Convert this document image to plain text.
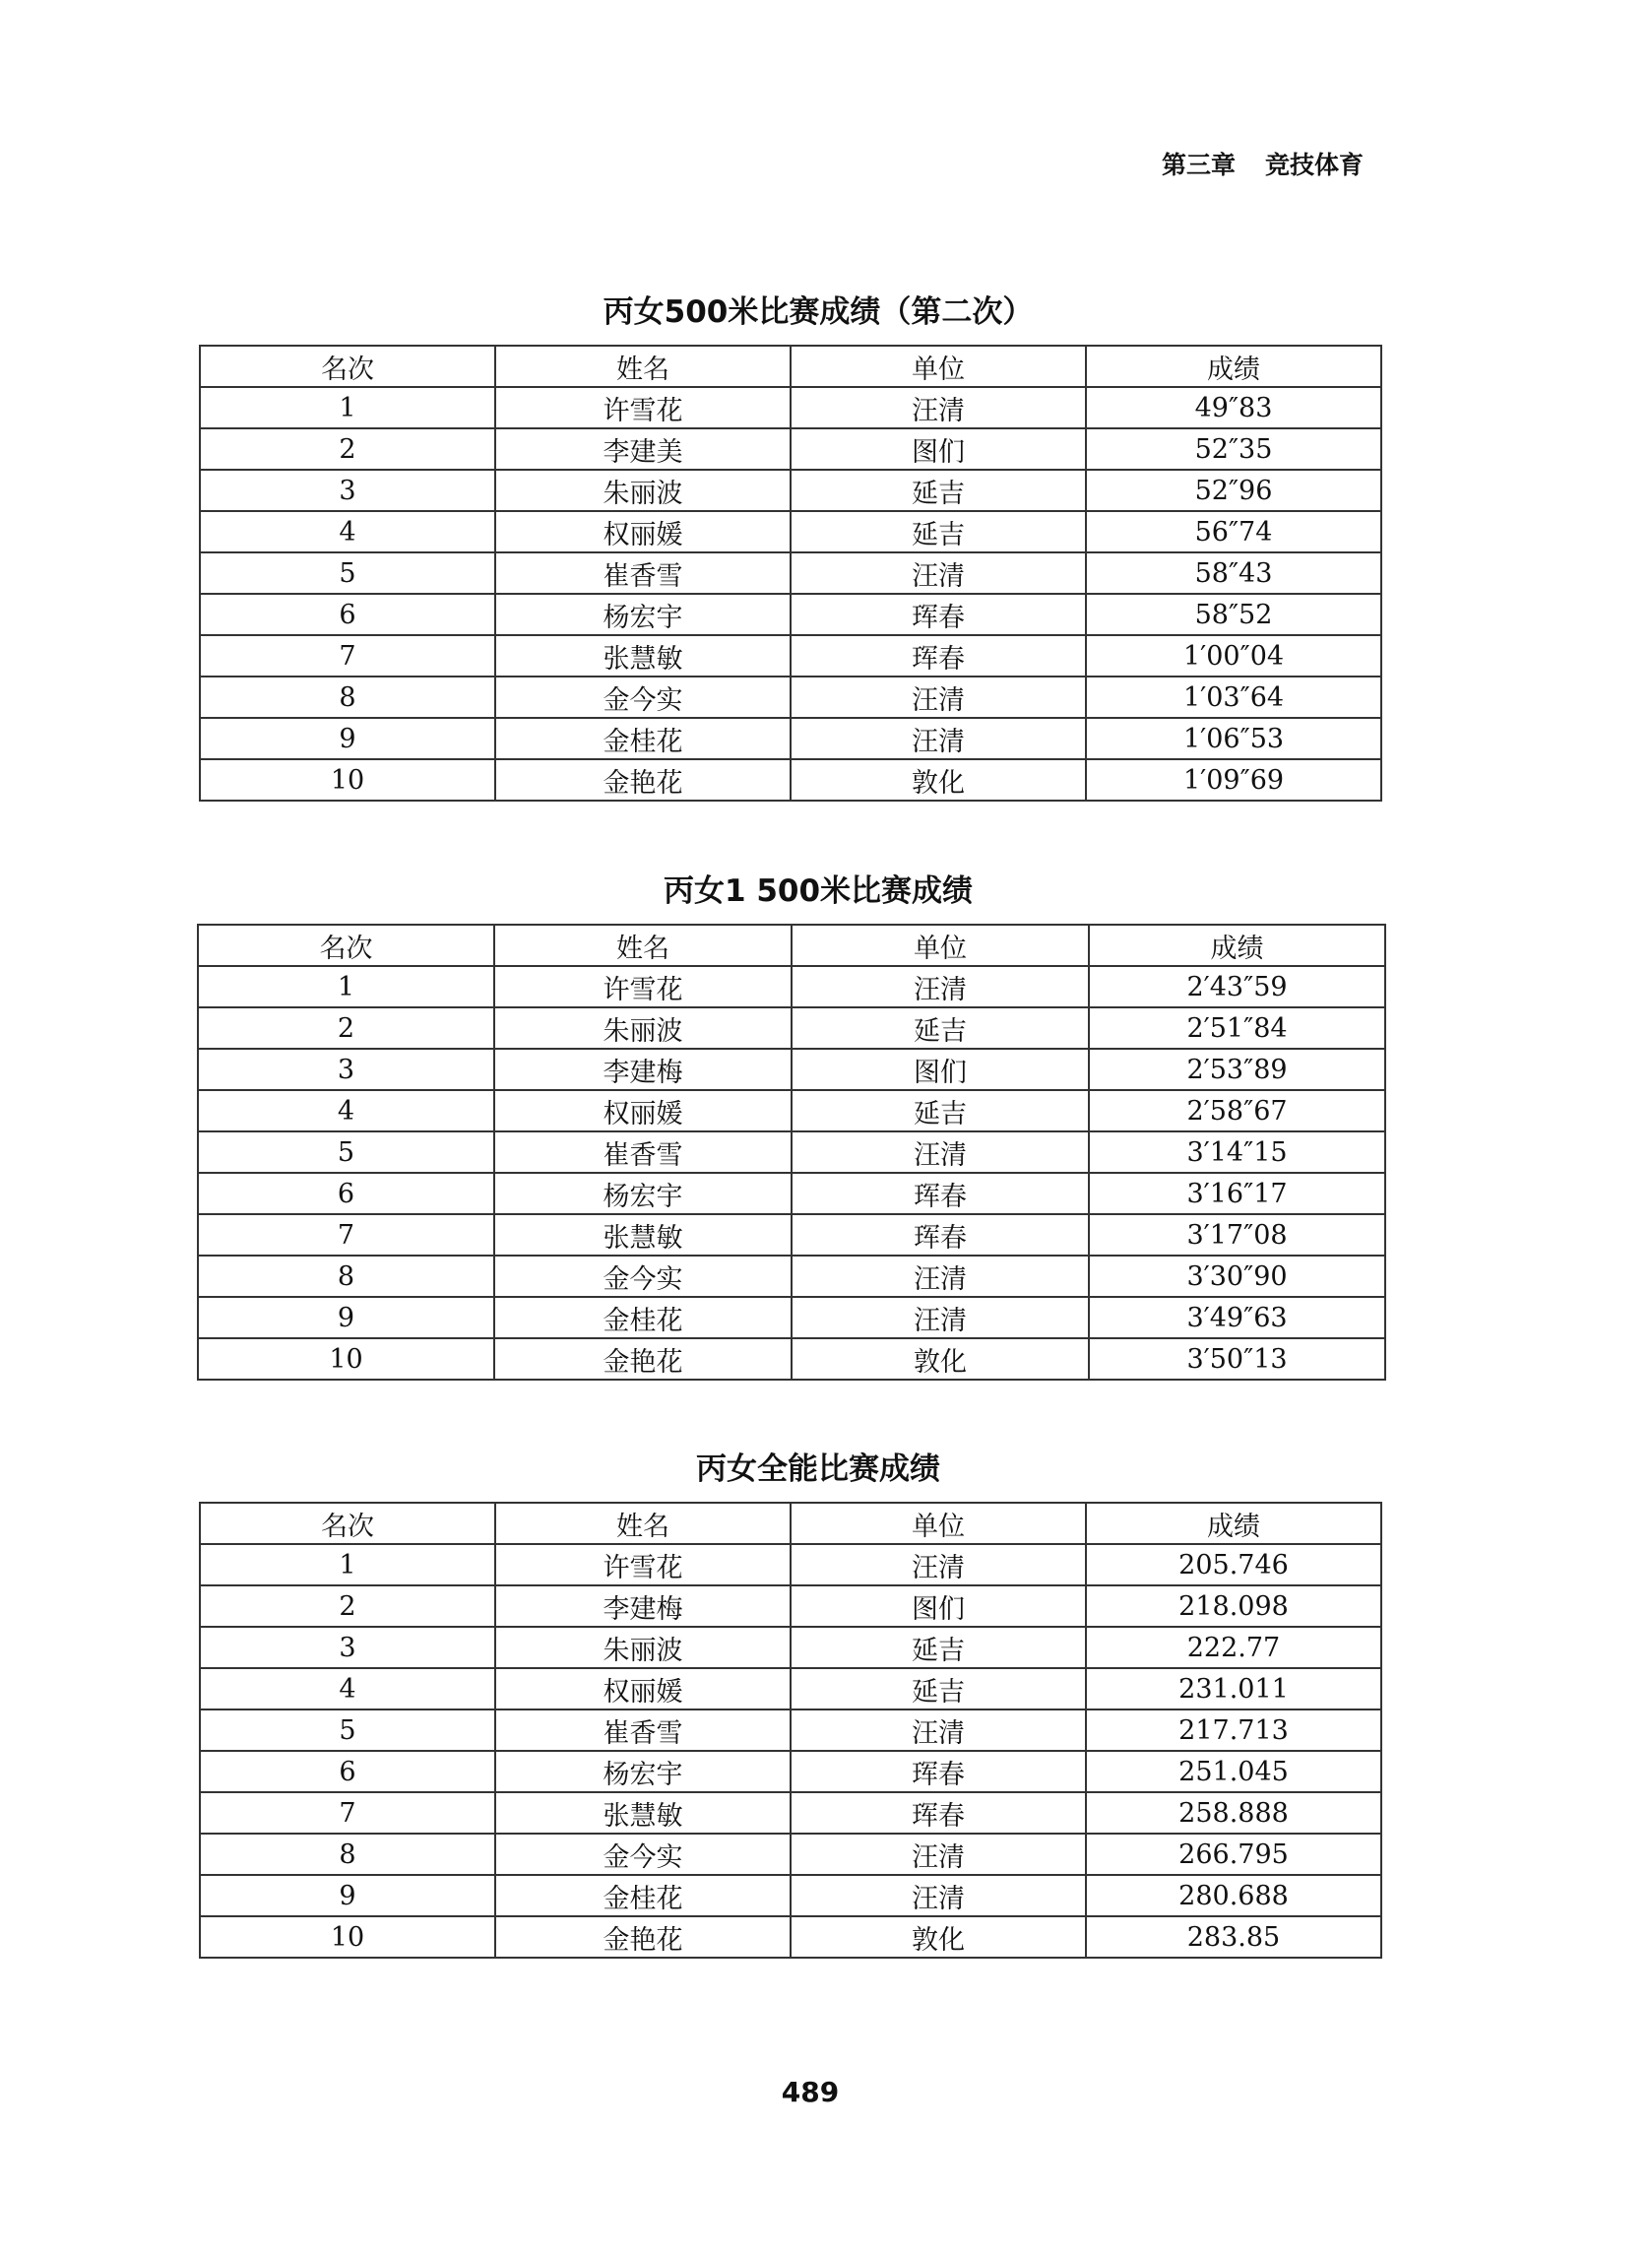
第三章 竞技体育
丙女500米比赛成绩（第二次）
名次	姓名	单位	成绩
1	许雪花	汪清	49″83
2	李建美	图们	52″35
3	朱丽波	延吉	52″96
4	权丽媛	延吉	56″74
5	崔香雪	汪清	58″43
6	杨宏宇	珲春	58″52
7	张慧敏	珲春	1′00″04
8	金今实	汪清	1′03″64
9	金桂花	汪清	1′06″53
10	金艳花	敦化	1′09″69
丙女1 500米比赛成绩
名次	姓名	单位	成绩
1	许雪花	汪清	2′43″59
2	朱丽波	延吉	2′51″84
3	李建梅	图们	2′53″89
4	权丽媛	延吉	2′58″67
5	崔香雪	汪清	3′14″15
6	杨宏宇	珲春	3′16″17
7	张慧敏	珲春	3′17″08
8	金今实	汪清	3′30″90
9	金桂花	汪清	3′49″63
10	金艳花	敦化	3′50″13
丙女全能比赛成绩
名次	姓名	单位	成绩
1	许雪花	汪清	205.746
2	李建梅	图们	218.098
3	朱丽波	延吉	222.77
4	权丽媛	延吉	231.011
5	崔香雪	汪清	217.713
6	杨宏宇	珲春	251.045
7	张慧敏	珲春	258.888
8	金今实	汪清	266.795
9	金桂花	汪清	280.688
10	金艳花	敦化	283.85
489
